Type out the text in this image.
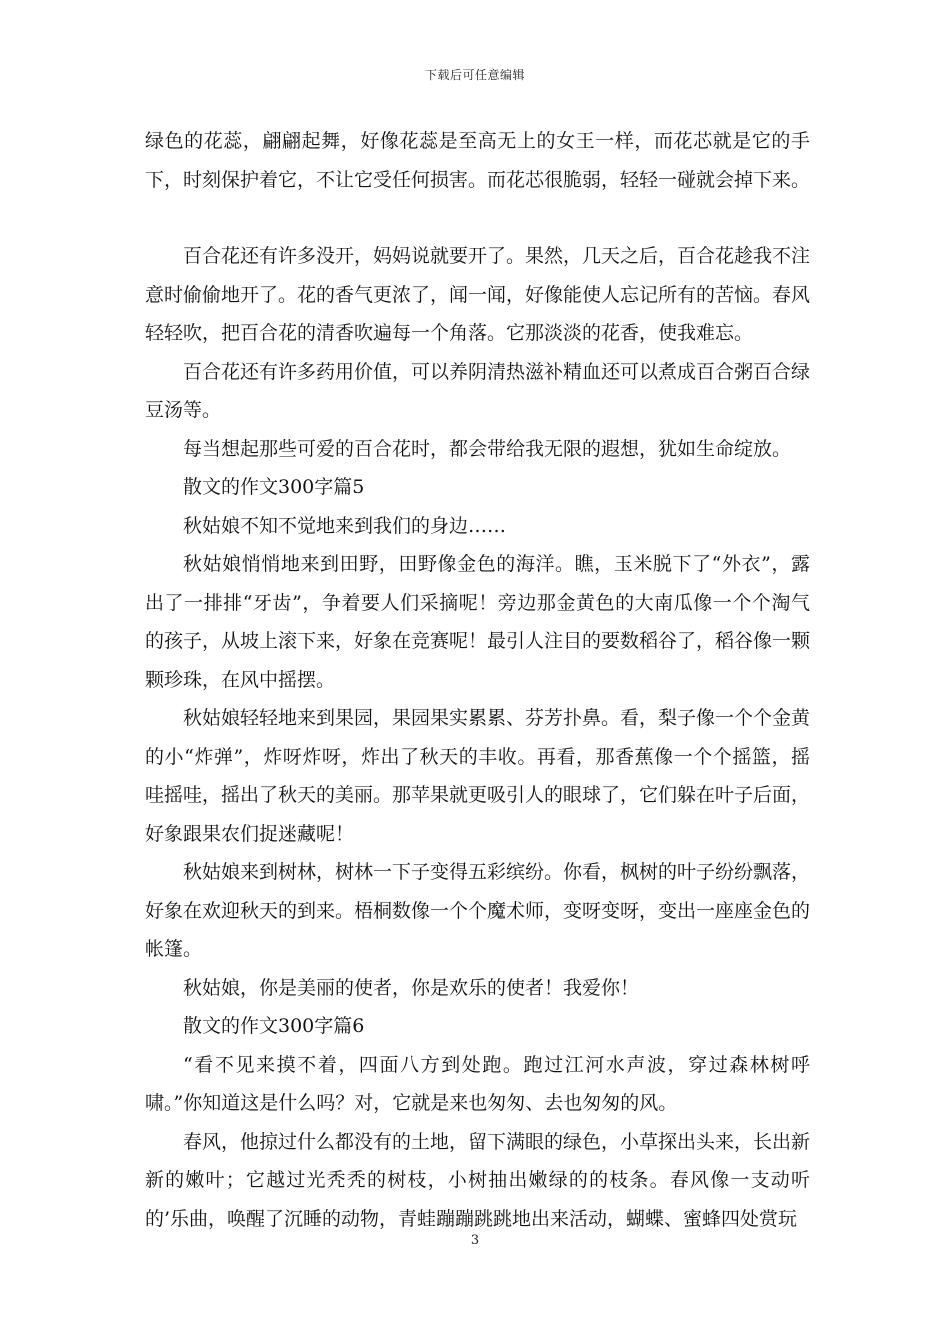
下载后可任意编辑

绿色的花蕊，翩翩起舞，好像花蕊是至高无上的女王一样，而花芯就是它的手下，时刻保护着它，不让它受任何损害。而花芯很脆弱，轻轻一碰就会掉下来。

百合花还有许多没开，妈妈说就要开了。果然，几天之后，百合花趁我不注意时偷偷地开了。花的香气更浓了，闻一闻，好像能使人忘记所有的苦恼。春风轻轻吹，把百合花的清香吹遍每一个角落。它那淡淡的花香，使我难忘。

百合花还有许多药用价值，可以养阴清热滋补精血还可以煮成百合粥百合绿豆汤等。

每当想起那些可爱的百合花时，都会带给我无限的遐想，犹如生命绽放。

散文的作文300字篇5

秋姑娘不知不觉地来到我们的身边……

秋姑娘悄悄地来到田野，田野像金色的海洋。瞧，玉米脱下了“外衣”，露出了一排排“牙齿”，争着要人们采摘呢！旁边那金黄色的大南瓜像一个个淘气的孩子，从坡上滚下来，好象在竞赛呢！最引人注目的要数稻谷了，稻谷像一颗颗珍珠，在风中摇摆。

秋姑娘轻轻地来到果园，果园果实累累、芬芳扑鼻。看，梨子像一个个金黄的小“炸弹”，炸呀炸呀，炸出了秋天的丰收。再看，那香蕉像一个个摇篮，摇哇摇哇，摇出了秋天的美丽。那苹果就更吸引人的眼球了，它们躲在叶子后面，好象跟果农们捉迷藏呢！

秋姑娘来到树林，树林一下子变得五彩缤纷。你看，枫树的叶子纷纷飘落，好象在欢迎秋天的到来。梧桐数像一个个魔术师，变呀变呀，变出一座座金色的帐篷。

秋姑娘，你是美丽的使者，你是欢乐的使者！我爱你！

散文的作文300字篇6

“看不见来摸不着，四面八方到处跑。跑过江河水声波，穿过森林树呼啸。”你知道这是什么吗？对，它就是来也匆匆、去也匆匆的风。

春风，他掠过什么都没有的土地，留下满眼的绿色，小草探出头来，长出新新的嫩叶；它越过光秃秃的树枝，小树抽出嫩绿的的枝条。春风像一支动听的’乐曲，唤醒了沉睡的动物，青蛙蹦蹦跳跳地出来活动，蝴蝶、蜜蜂四处赏玩

3
